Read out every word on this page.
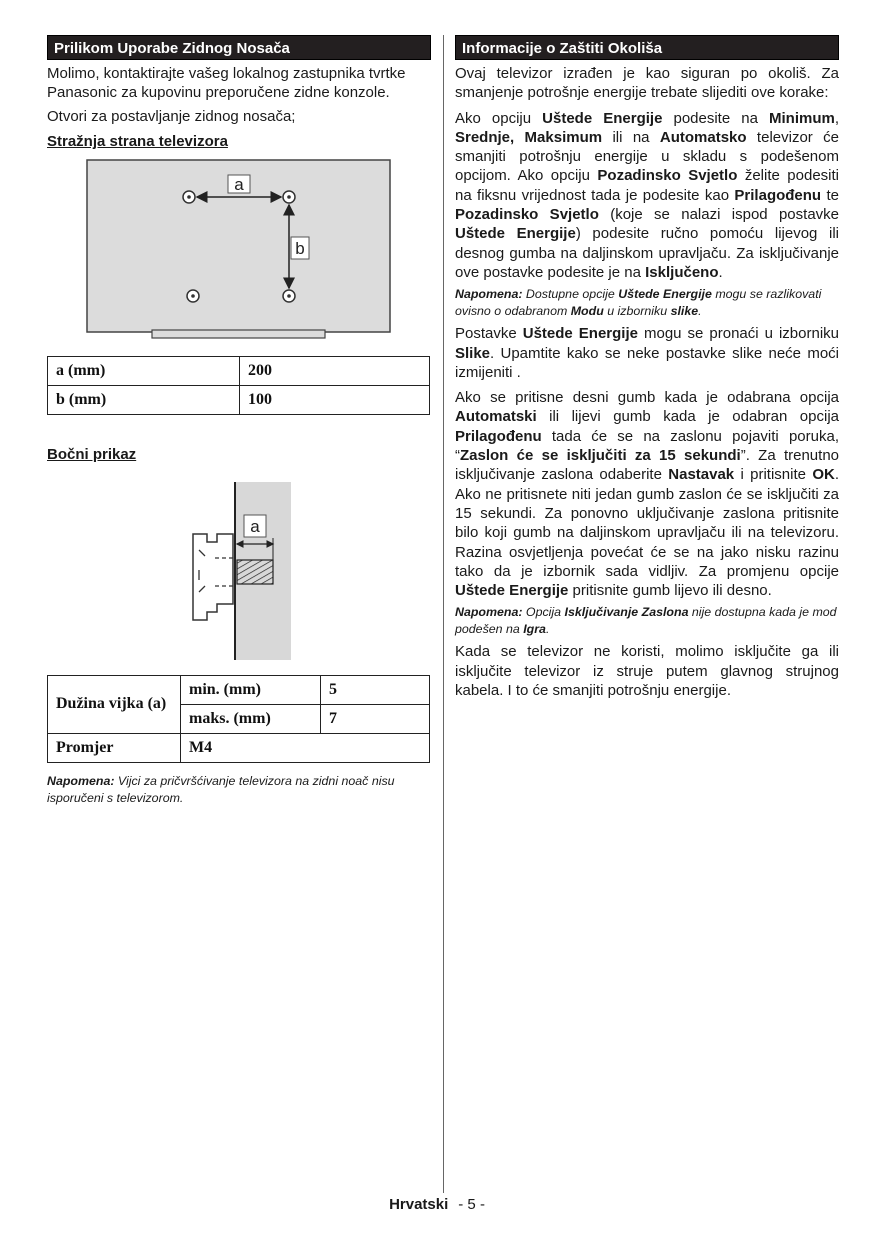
Prilikom Uporabe Zidnog Nosača

Molimo, kontaktirajte vašeg lokalnog zastupnika tvrtke Panasonic za kupovinu preporučene zidne konzole.

Otvori za postavljanje zidnog nosača;

Stražnja strana televizora
a
b
a (mm)	200
b (mm)	100
Bočni prikaz
a
Dužina vijka (a)	min. (mm)	5
	maks. (mm)	7
Promjer	M4	

Napomena: Vijci za pričvršćivanje televizora na zidni noač nisu isporučeni s televizorom.

Informacije o Zaštiti Okoliša

Ovaj televizor izrađen je kao siguran po okoliš. Za smanjenje potrošnje energije trebate slijediti ove korake:

Ako opciju Uštede Energije podesite na Minimum, Srednje, Maksimum ili na Automatsko televizor će smanjiti potrošnju energije u skladu s podešenom opcijom. Ako opciju Pozadinsko Svjetlo želite podesiti na fiksnu vrijednost tada je podesite kao Prilagođenu te Pozadinsko Svjetlo (koje se nalazi ispod postavke Uštede Energije) podesite ručno pomoću lijevog ili desnog gumba na daljinskom upravljaču. Za isključivanje ove postavke podesite je na Isključeno.

Napomena: Dostupne opcije Uštede Energije mogu se razlikovati ovisno o odabranom Modu u izborniku slike.

Postavke Uštede Energije mogu se pronaći u izborniku Slike. Upamtite kako se neke postavke slike neće moći izmijeniti .

Ako se pritisne desni gumb kada je odabrana opcija Automatski ili lijevi gumb kada je odabran opcija Prilagođenu tada će se na zaslonu pojaviti poruka, “Zaslon će se isključiti za 15 sekundi”. Za trenutno isključivanje zaslona odaberite Nastavak i pritisnite OK. Ako ne pritisnete niti jedan gumb zaslon će se isključiti za 15 sekundi. Za ponovno uključivanje zaslona pritisnite bilo koji gumb na daljinskom upravljaču ili na televizoru. Razina osvjetljenja povećat će se na jako nisku razinu tako da je izbornik sada vidljiv. Za promjenu opcije Uštede Energije pritisnite gumb lijevo ili desno.

Napomena: Opcija Isključivanje Zaslona nije dostupna kada je mod podešen na Igra.

Kada se televizor ne koristi, molimo isključite ga ili isključite televizor iz struje putem glavnog strujnog kabela. I to će smanjiti potrošnju energije.

Hrvatski - 5 -
